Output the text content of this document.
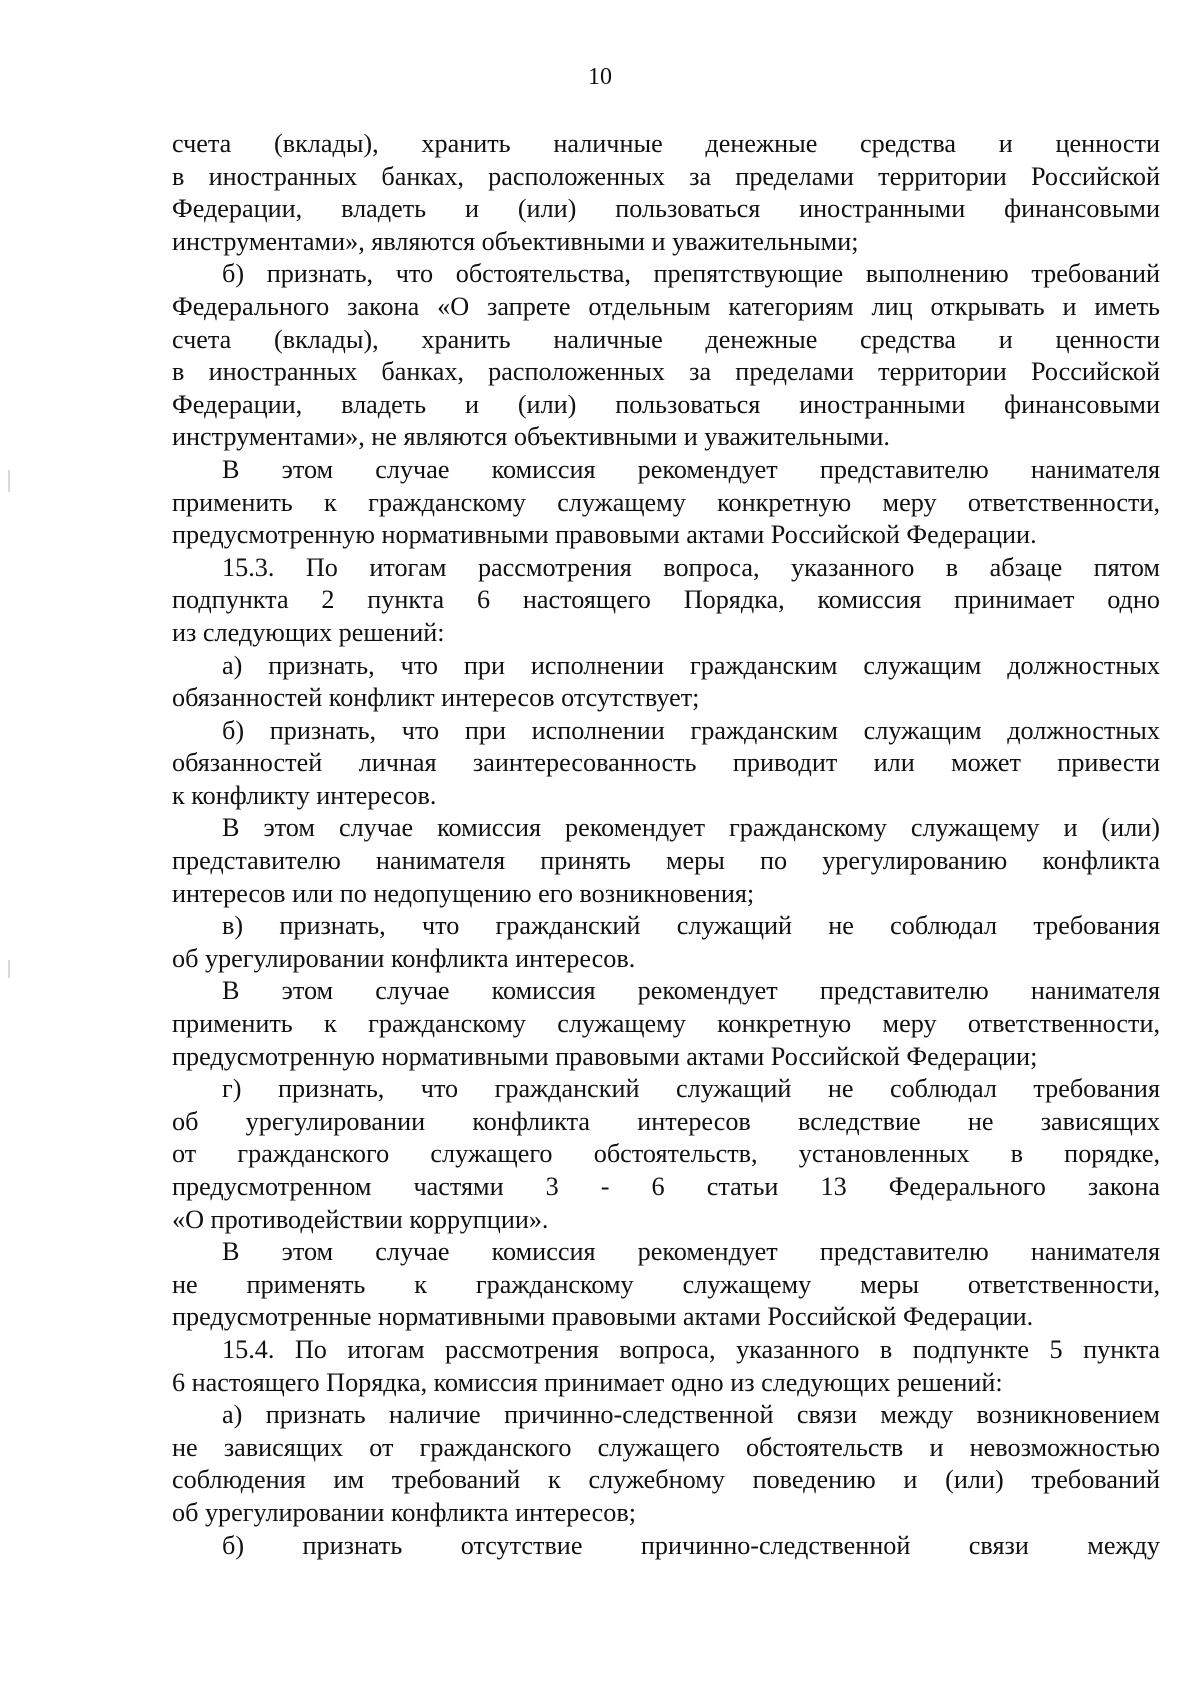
10
счета (вклады), хранить наличные денежные средства и ценности
в иностранных банках, расположенных за пределами территории Российской
Федерации, владеть и (или) пользоваться иностранными финансовыми
инструментами», являются объективными и уважительными;
б) признать, что обстоятельства, препятствующие выполнению требований
Федерального закона «О запрете отдельным категориям лиц открывать и иметь
счета (вклады), хранить наличные денежные средства и ценности
в иностранных банках, расположенных за пределами территории Российской
Федерации, владеть и (или) пользоваться иностранными финансовыми
инструментами», не являются объективными и уважительными.
В этом случае комиссия рекомендует представителю нанимателя
применить к гражданскому служащему конкретную меру ответственности,
предусмотренную нормативными правовыми актами Российской Федерации.
15.3. По итогам рассмотрения вопроса, указанного в абзаце пятом
подпункта 2 пункта 6 настоящего Порядка, комиссия принимает одно
из следующих решений:
а) признать, что при исполнении гражданским служащим должностных
обязанностей конфликт интересов отсутствует;
б) признать, что при исполнении гражданским служащим должностных
обязанностей личная заинтересованность приводит или может привести
к конфликту интересов.
В этом случае комиссия рекомендует гражданскому служащему и (или)
представителю нанимателя принять меры по урегулированию конфликта
интересов или по недопущению его возникновения;
в) признать, что гражданский служащий не соблюдал требования
об урегулировании конфликта интересов.
В этом случае комиссия рекомендует представителю нанимателя
применить к гражданскому служащему конкретную меру ответственности,
предусмотренную нормативными правовыми актами Российской Федерации;
г) признать, что гражданский служащий не соблюдал требования
об урегулировании конфликта интересов вследствие не зависящих
от гражданского служащего обстоятельств, установленных в порядке,
предусмотренном частями 3 - 6 статьи 13 Федерального закона
«О противодействии коррупции».
В этом случае комиссия рекомендует представителю нанимателя
не применять к гражданскому служащему меры ответственности,
предусмотренные нормативными правовыми актами Российской Федерации.
15.4. По итогам рассмотрения вопроса, указанного в подпункте 5 пункта
6 настоящего Порядка, комиссия принимает одно из следующих решений:
а) признать наличие причинно-следственной связи между возникновением
не зависящих от гражданского служащего обстоятельств и невозможностью
соблюдения им требований к служебному поведению и (или) требований
об урегулировании конфликта интересов;
б) признать отсутствие причинно-следственной связи между
